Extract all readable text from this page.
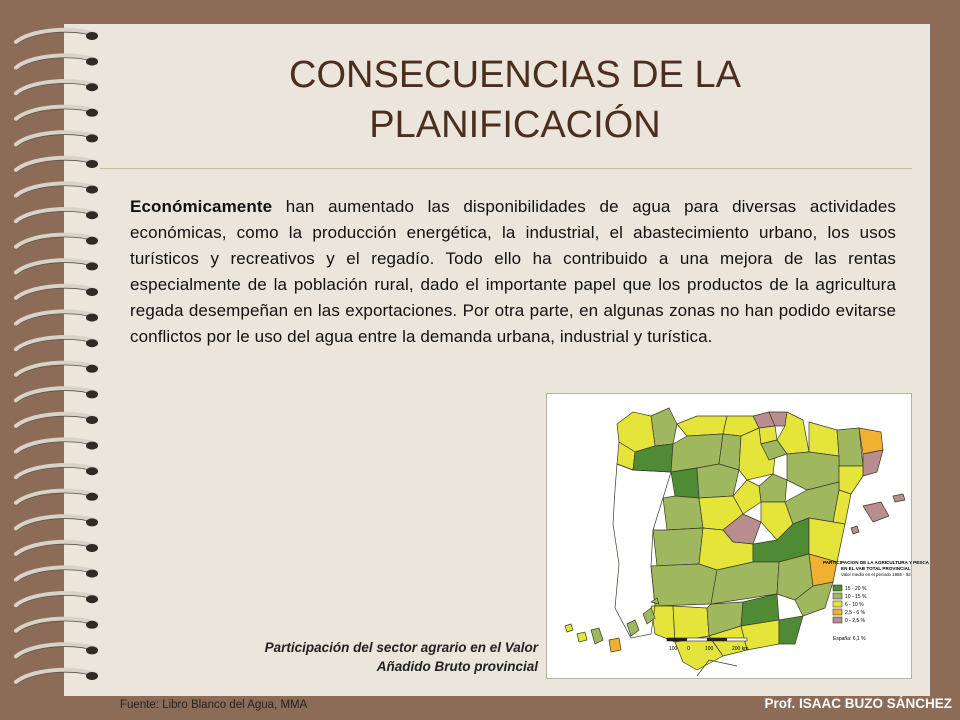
CONSECUENCIAS DE LA
PLANIFICACIÓN
Económicamente han aumentado las disponibilidades de agua para diversas actividades económicas, como la producción energética, la industrial, el abastecimiento urbano, los usos turísticos y recreativos y el regadío. Todo ello ha contribuido a una mejora de las rentas especialmente de la población rural, dado el importante papel que los productos de la agricultura regada desempeñan en las exportaciones. Por otra parte, en algunas zonas no han podido evitarse conflictos por le uso del agua entre la demanda urbana, industrial y turística.
100 0	100	200 km
PARTICIPACION DE LA AGRICULTURA Y PESCA
EN EL VAB TOTAL PROVINCIAL
Valor medio en el período 1986 - 92
15 - 20 %
10 - 15 %
6 - 10 %
2,5 - 6 %
0 - 2,5 %
España: 6,1 %
Participación del sector agrario en el Valor
Añadido Bruto provincial
Fuente: Libro Blanco del Agua, MMA	Prof. ISAAC BUZO SÁNCHEZ
